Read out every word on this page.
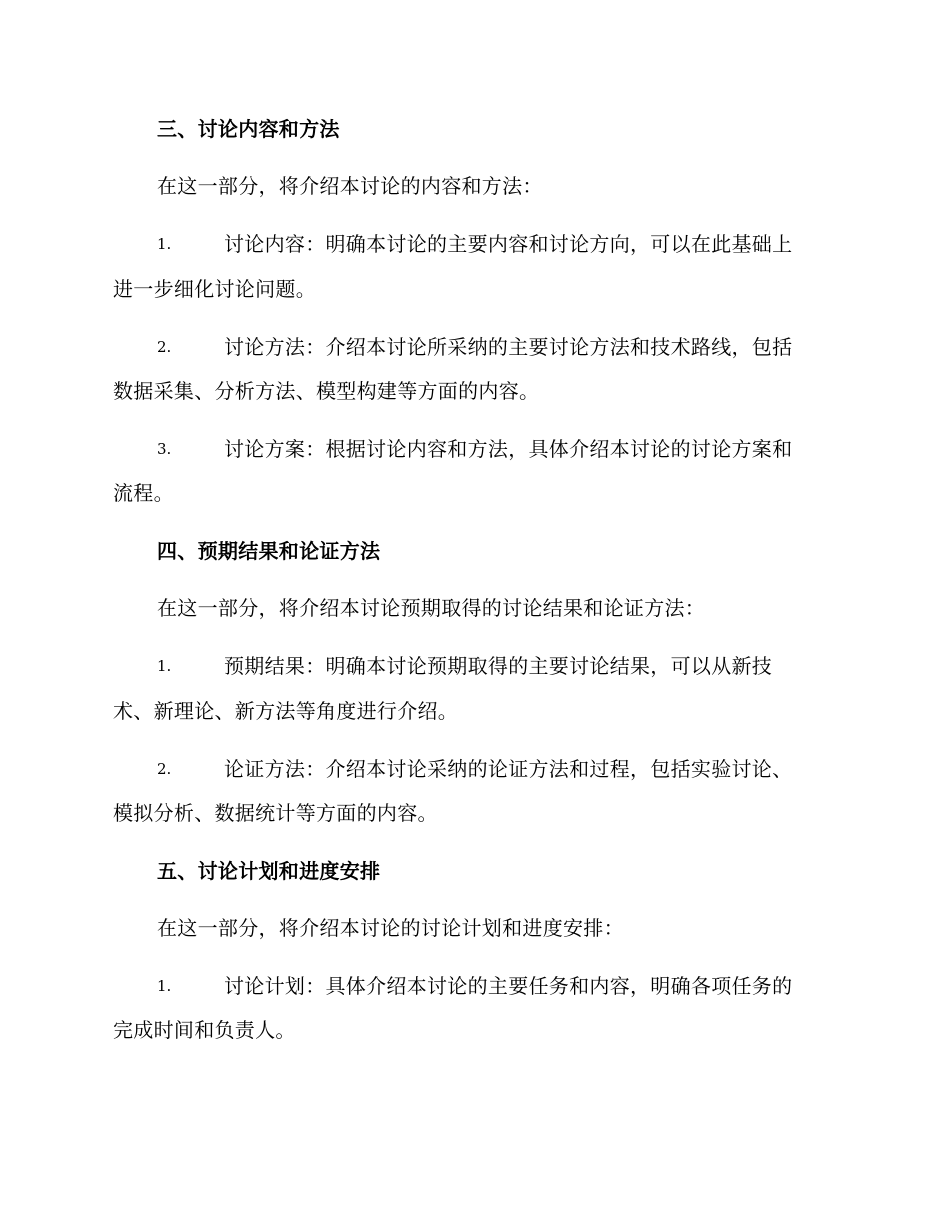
三、讨论内容和方法
在这一部分，将介绍本讨论的内容和方法：
1.	讨论内容：明确本讨论的主要内容和讨论方向，可以在此基础上
进一步细化讨论问题。
2.	讨论方法：介绍本讨论所采纳的主要讨论方法和技术路线，包括
数据采集、分析方法、模型构建等方面的内容。
3.	讨论方案：根据讨论内容和方法，具体介绍本讨论的讨论方案和
流程。
四、预期结果和论证方法
在这一部分，将介绍本讨论预期取得的讨论结果和论证方法：
1.	预期结果：明确本讨论预期取得的主要讨论结果，可以从新技
术、新理论、新方法等角度进行介绍。
2.	论证方法：介绍本讨论采纳的论证方法和过程，包括实验讨论、
模拟分析、数据统计等方面的内容。
五、讨论计划和进度安排
在这一部分，将介绍本讨论的讨论计划和进度安排：
1.	讨论计划：具体介绍本讨论的主要任务和内容，明确各项任务的
完成时间和负责人。
